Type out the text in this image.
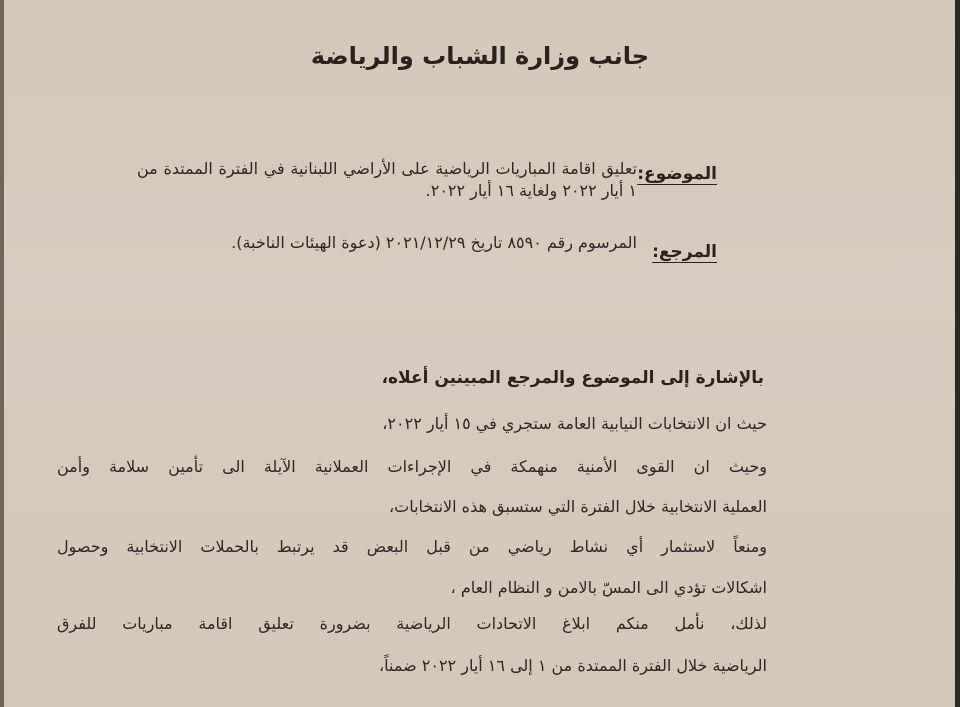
جانب وزارة الشباب والرياضة
الموضوع:
تعليق اقامة المباريات الرياضية على الأراضي اللبنانية في الفترة الممتدة من ١ أيار ٢٠٢٢ ولغاية ١٦ أيار ٢٠٢٢.
المرجع:
المرسوم رقم ٨٥٩٠ تاريخ ٢٠٢١/١٢/٢٩ (دعوة الهيئات الناخبة).
بالإشارة إلى الموضوع والمرجع المبينين أعلاه،
حيث ان الانتخابات النيابية العامة ستجري في ١٥ أيار ٢٠٢٢،
وحيث ان القوى الأمنية منهمكة في الإجراءات العملانية الآيلة الى تأمين سلامة وأمن
العملية الانتخابية خلال الفترة التي ستسبق هذه الانتخابات،
ومنعاً لاستثمار أي نشاط رياضي من قبل البعض قد يرتبط بالحملات الانتخابية وحصول
اشكالات تؤدي الى المسّ بالامن و النظام العام ،
لذلك، نأمل منكم ابلاغ الاتحادات الرياضية بضرورة تعليق اقامة مباريات للفرق
الرياضية خلال الفترة الممتدة من ١ إلى ١٦ أيار ٢٠٢٢ ضمناً،
